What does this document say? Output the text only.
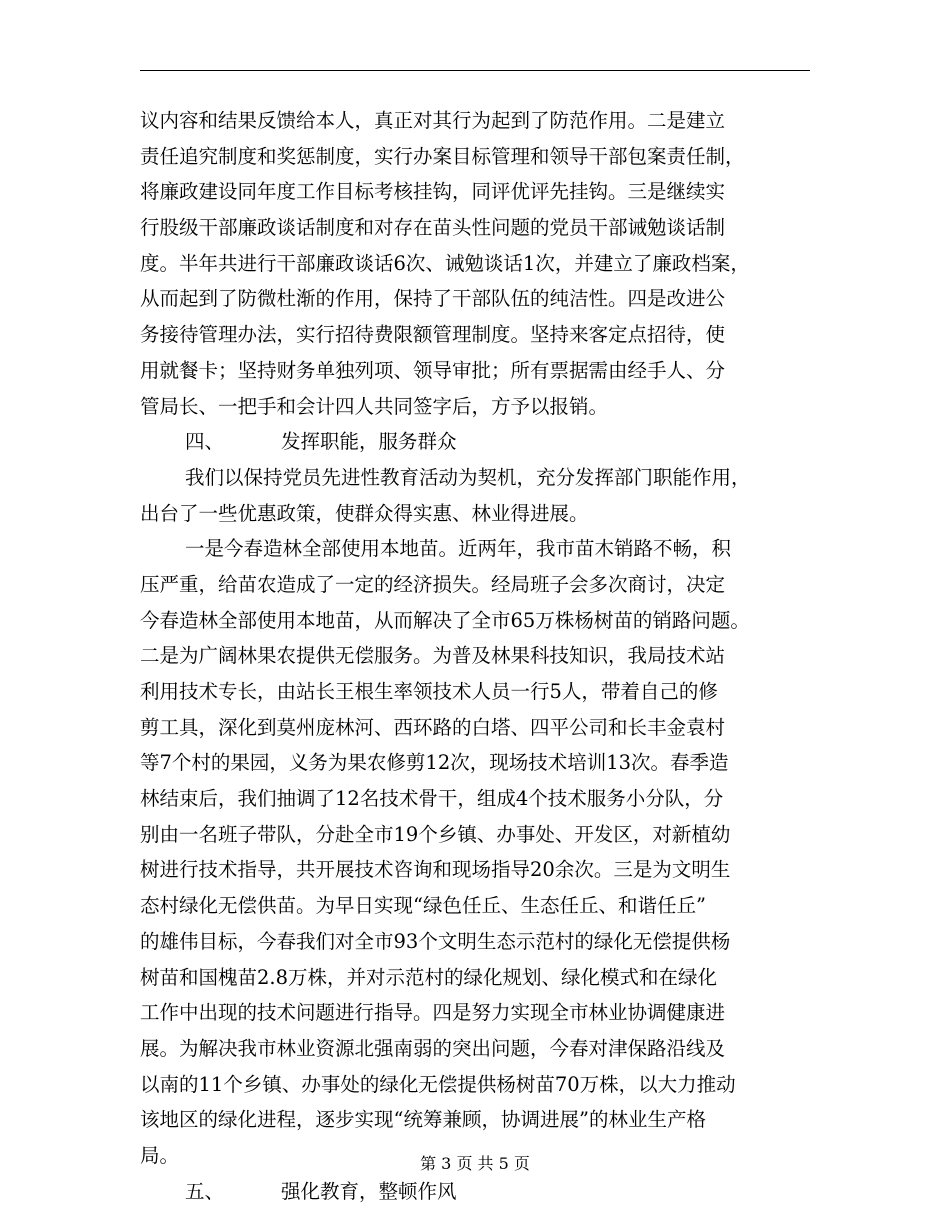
议内容和结果反馈给本人，真正对其行为起到了防范作用。二是建立
责任追究制度和奖惩制度，实行办案目标管理和领导干部包案责任制，
将廉政建设同年度工作目标考核挂钩，同评优评先挂钩。三是继续实
行股级干部廉政谈话制度和对存在苗头性问题的党员干部诫勉谈话制
度。半年共进行干部廉政谈话6次、诫勉谈话1次，并建立了廉政档案，
从而起到了防微杜渐的作用，保持了干部队伍的纯洁性。四是改进公
务接待管理办法，实行招待费限额管理制度。坚持来客定点招待，使
用就餐卡；坚持财务单独列项、领导审批；所有票据需由经手人、分
管局长、一把手和会计四人共同签字后，方予以报销。
四、	发挥职能，服务群众
我们以保持党员先进性教育活动为契机，充分发挥部门职能作用，
出台了一些优惠政策，使群众得实惠、林业得进展。
一是今春造林全部使用本地苗。近两年，我市苗木销路不畅，积
压严重，给苗农造成了一定的经济损失。经局班子会多次商讨，决定
今春造林全部使用本地苗，从而解决了全市65万株杨树苗的销路问题。
二是为广阔林果农提供无偿服务。为普及林果科技知识，我局技术站
利用技术专长，由站长王根生率领技术人员一行5人，带着自己的修
剪工具，深化到莫州庞林河、西环路的白塔、四平公司和长丰金袁村
等7个村的果园，义务为果农修剪12次，现场技术培训13次。春季造
林结束后，我们抽调了12名技术骨干，组成4个技术服务小分队，分
别由一名班子带队，分赴全市19个乡镇、办事处、开发区，对新植幼
树进行技术指导，共开展技术咨询和现场指导20余次。三是为文明生
态村绿化无偿供苗。为早日实现“绿色任丘、生态任丘、和谐任丘”
的雄伟目标，今春我们对全市93个文明生态示范村的绿化无偿提供杨
树苗和国槐苗2.8万株，并对示范村的绿化规划、绿化模式和在绿化
工作中出现的技术问题进行指导。四是努力实现全市林业协调健康进
展。为解决我市林业资源北强南弱的突出问题，今春对津保路沿线及
以南的11个乡镇、办事处的绿化无偿提供杨树苗70万株，以大力推动
该地区的绿化进程，逐步实现“统筹兼顾，协调进展”的林业生产格
局。
五、	强化教育，整顿作风
第 3 页 共 5 页
